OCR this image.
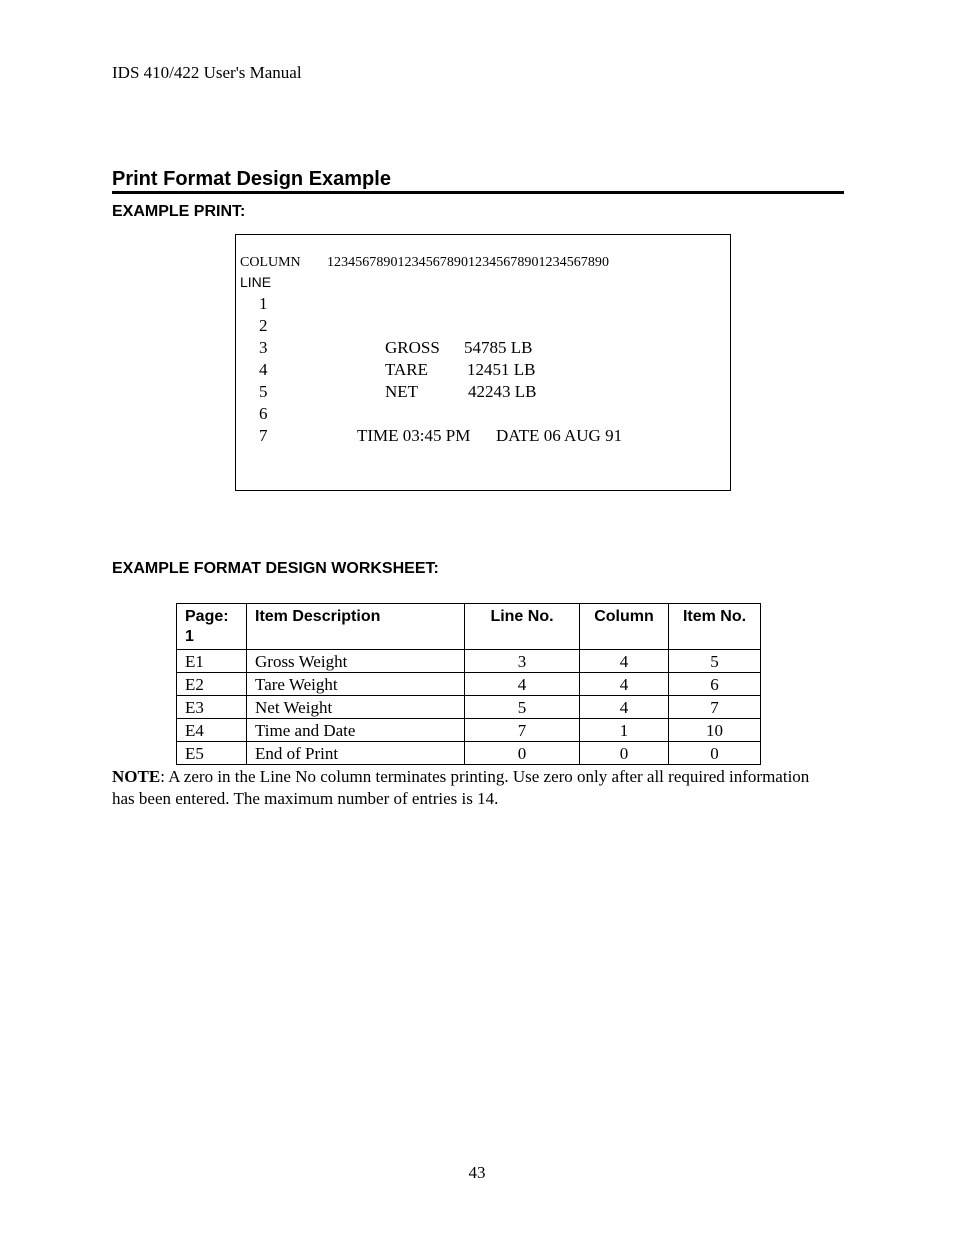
IDS 410/422 User's Manual
Print Format Design Example
EXAMPLE PRINT:
COLUMN 1234567890123456789012345678901234567890
LINE
1
2
3
4
5
6
7
GROSS 54785 LB
TARE 12451 LB
NET	42243 LB
TIME 03:45 PM DATE 06 AUG 91
EXAMPLE FORMAT DESIGN WORKSHEET:
Page:
1	Item Description	Line No.	Column	Item No.
E1	Gross Weight	3	4	5
E2	Tare Weight	4	4	6
E3	Net Weight	5	4	7
E4	Time and Date	7	1	10
E5	End of Print	0	0	0
NOTE: A zero in the Line No column terminates printing. Use zero only after all required information has been entered. The maximum number of entries is 14.
43
